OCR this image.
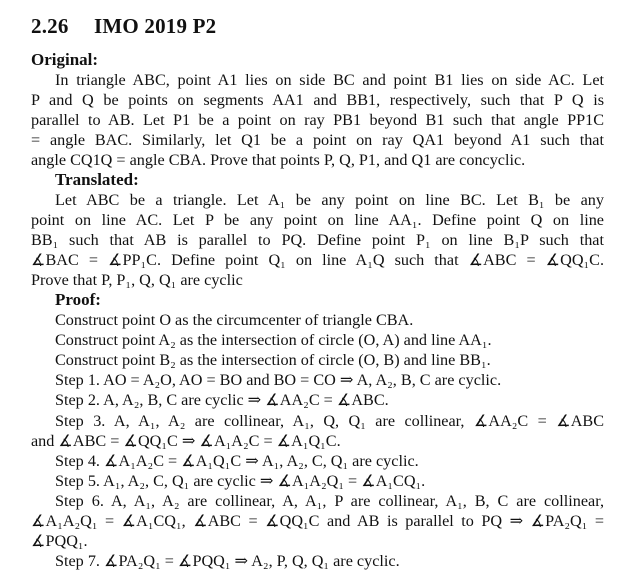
2.26 IMO 2019 P2
Original:
In triangle ABC, point A1 lies on side BC and point B1 lies on side AC. Let
P and Q be points on segments AA1 and BB1, respectively, such that P Q is
parallel to AB. Let P1 be a point on ray PB1 beyond B1 such that angle PP1C
= angle BAC. Similarly, let Q1 be a point on ray QA1 beyond A1 such that
angle CQ1Q = angle CBA. Prove that points P, Q, P1, and Q1 are concyclic.
Translated:
Let ABC be a triangle. Let A₁ be any point on line BC. Let B₁ be any
point on line AC. Let P be any point on line AA₁. Define point Q on line
BB₁ such that AB is parallel to PQ. Define point P₁ on line B₁P such that
∡BAC = ∡PP₁C. Define point Q₁ on line A₁Q such that ∡ABC = ∡QQ₁C.
Prove that P, P₁, Q, Q₁ are cyclic
Proof:
Construct point O as the circumcenter of triangle CBA.
Construct point A₂ as the intersection of circle (O, A) and line AA₁.
Construct point B₂ as the intersection of circle (O, B) and line BB₁.
Step 1. AO = A₂O, AO = BO and BO = CO ⇒ A, A₂, B, C are cyclic.
Step 2. A, A₂, B, C are cyclic ⇒ ∡AA₂C = ∡ABC.
Step 3. A, A₁, A₂ are collinear, A₁, Q, Q₁ are collinear, ∡AA₂C = ∡ABC
and ∡ABC = ∡QQ₁C ⇒ ∡A₁A₂C = ∡A₁Q₁C.
Step 4. ∡A₁A₂C = ∡A₁Q₁C ⇒ A₁, A₂, C, Q₁ are cyclic.
Step 5. A₁, A₂, C, Q₁ are cyclic ⇒ ∡A₁A₂Q₁ = ∡A₁CQ₁.
Step 6. A, A₁, A₂ are collinear, A, A₁, P are collinear, A₁, B, C are collinear,
∡A₁A₂Q₁ = ∡A₁CQ₁, ∡ABC = ∡QQ₁C and AB is parallel to PQ ⇒ ∡PA₂Q₁ =
∡PQQ₁.
Step 7. ∡PA₂Q₁ = ∡PQQ₁ ⇒ A₂, P, Q, Q₁ are cyclic.
